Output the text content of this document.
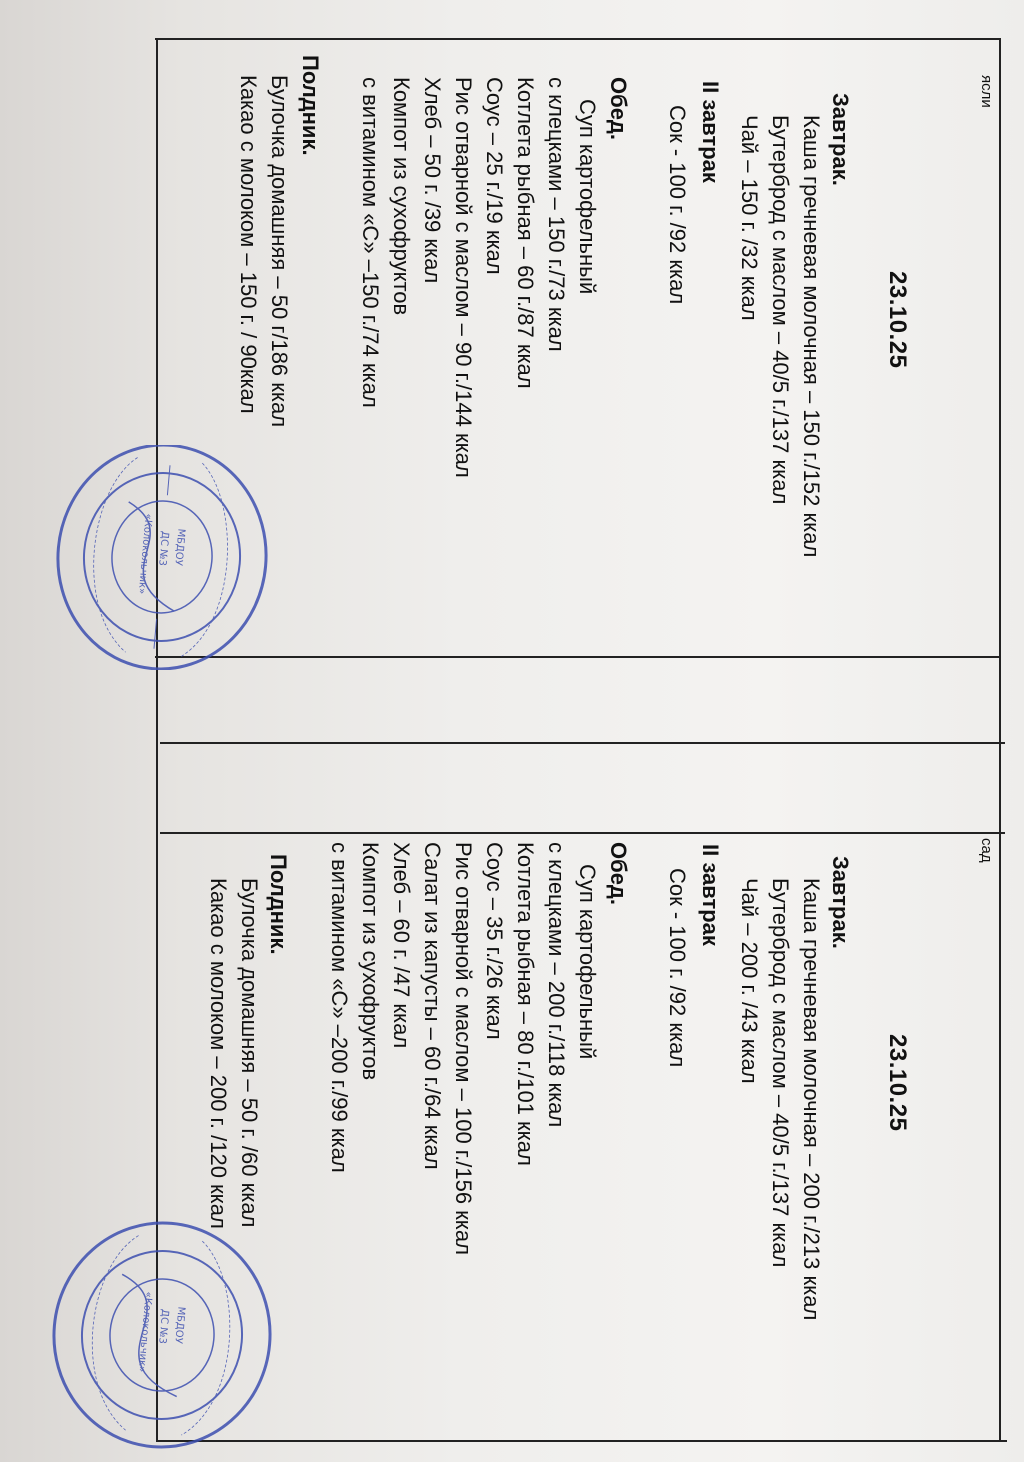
ясли
23.10.25
Завтрак.
Каша гречневая молочная – 150 г./152 ккал
Бутерброд с маслом – 40/5 г./137 ккал
Чай – 150 г. /32 ккал
II завтрак
Сок - 100 г. /92 ккал
Обед.
Суп картофельный
с клецками – 150 г./73 ккал
Котлета рыбная – 60 г./87 ккал
Соус – 25 г./19 ккал
Рис отварной с маслом – 90 г./144 ккал
Хлеб – 50 г. /39 ккал
Компот из сухофруктов
с витамином «С» –150 г./74 ккал
Полдник.
Булочка домашняя – 50 г/186 ккал
Какао с молоком – 150 г. / 90ккал
сад
23.10.25
Завтрак.
Каша гречневая молочная – 200 г./213 ккал
Бутерброд с маслом – 40/5 г./137 ккал
Чай – 200 г. /43 ккал
II завтрак
Сок - 100 г. /92 ккал
Обед.
Суп картофельный
с клецками – 200 г./118 ккал
Котлета рыбная – 80 г./101 ккал
Соус – 35 г./26 ккал
Рис отварной с маслом – 100 г./156 ккал
Салат из капусты – 60 г./64 ккал
Хлеб – 60 г. /47 ккал
Компот из сухофруктов
с витамином «С» –200 г./99 ккал
Полдник.
Булочка домашняя – 50 г. /60 ккал
Какао с молоком – 200 г. /120 ккал
МБДОУ
ДС №3
«Колокольчик»
МБДОУ
ДС №3
«Колокольчик»
